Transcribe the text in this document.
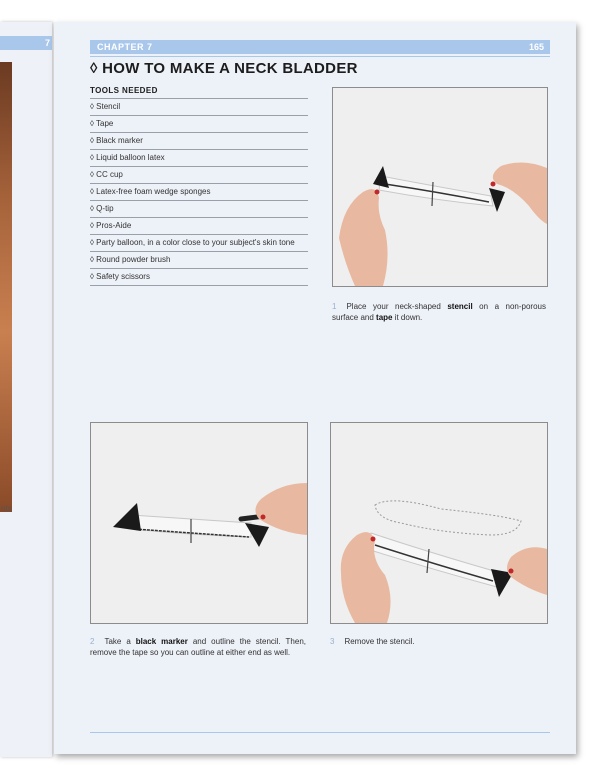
7
nts
CHAPTER 7	165
◊ HOW TO MAKE A NECK BLADDER
TOOLS NEEDED
◊ Stencil
◊ Tape
◊ Black marker
◊ Liquid balloon latex
◊ CC cup
◊ Latex-free foam wedge sponges
◊ Q-tip
◊ Pros-Aide
◊ Party balloon, in a color close to your subject's skin tone
◊ Round powder brush
◊ Safety scissors
1 Place your neck-shaped stencil on a non-porous surface and tape it down.
2 Take a black marker and outline the stencil. Then, remove the tape so you can outline at either end as well.
3 Remove the stencil.
